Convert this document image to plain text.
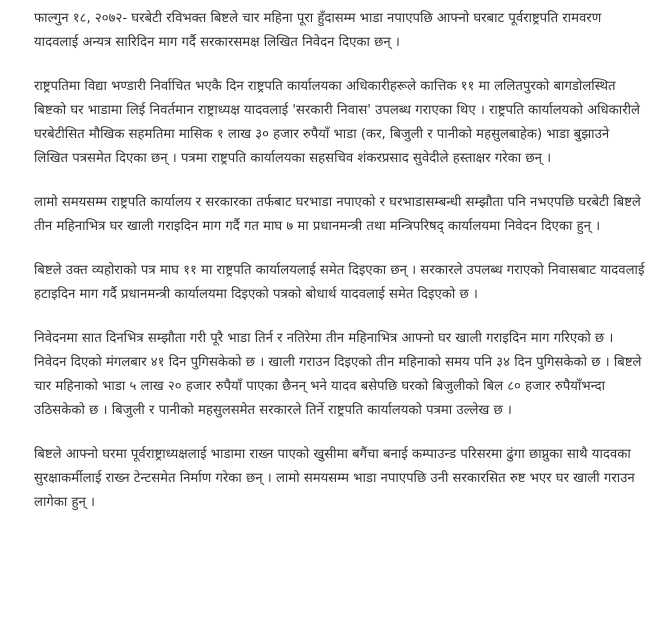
फाल्गुन १८, २०७२- घरबेटी रविभक्त बिष्टले चार महिना पूरा हुँदासम्म भाडा नपाएपछि आफ्नो घरबाट पूर्वराष्ट्रपति रामवरण यादवलाई अन्यत्र सारिदिन माग गर्दै सरकारसमक्ष लिखित निवेदन दिएका छन् ।

राष्ट्रपतिमा विद्या भण्डारी निर्वाचित भएकै दिन राष्ट्रपति कार्यालयका अधिकारीहरूले कात्तिक ११ मा ललितपुरको बागडोलस्थित बिष्टको घर भाडामा लिई निवर्तमान राष्ट्राध्यक्ष यादवलाई 'सरकारी निवास' उपलब्ध गराएका थिए । राष्ट्रपति कार्यालयको अधिकारीले घरबेटीसित मौखिक सहमतिमा मासिक १ लाख ३० हजार रुपैयाँ भाडा (कर, बिजुली र पानीको महसुलबाहेक) भाडा बुझाउने लिखित पत्रसमेत दिएका छन् । पत्रमा राष्ट्रपति कार्यालयका सहसचिव शंकरप्रसाद सुवेदीले हस्ताक्षर गरेका छन् ।

लामो समयसम्म राष्ट्रपति कार्यालय र सरकारका तर्फबाट घरभाडा नपाएको र घरभाडासम्बन्धी सम्झौता पनि नभएपछि घरबेटी बिष्टले तीन महिनाभित्र घर खाली गराइदिन माग गर्दै गत माघ ७ मा प्रधानमन्त्री तथा मन्त्रिपरिषद् कार्यालयमा निवेदन दिएका हुन् ।

बिष्टले उक्त व्यहोराको पत्र माघ ११ मा राष्ट्रपति कार्यालयलाई समेत दिइएका छन् । सरकारले उपलब्ध गराएको निवासबाट यादवलाई हटाइदिन माग गर्दै प्रधानमन्त्री कार्यालयमा दिइएको पत्रको बोधार्थ यादवलाई समेत दिइएको छ ।

निवेदनमा सात दिनभित्र सम्झौता गरी पूरै भाडा तिर्न र नतिरेमा तीन महिनाभित्र आफ्नो घर खाली गराइदिन माग गरिएको छ । निवेदन दिएको मंगलबार ४१ दिन पुगिसकेको छ । खाली गराउन दिइएको तीन महिनाको समय पनि ३४ दिन पुगिसकेको छ । बिष्टले चार महिनाको भाडा ५ लाख २० हजार रुपैयाँ पाएका छैनन् भने यादव बसेपछि घरको बिजुलीको बिल ८० हजार रुपैयाँभन्दा उठिसकेको छ । बिजुली र पानीको महसुलसमेत सरकारले तिर्ने राष्ट्रपति कार्यालयको पत्रमा उल्लेख छ ।

बिष्टले आफ्नो घरमा पूर्वराष्ट्राध्यक्षलाई भाडामा राख्न पाएको खुसीमा बगैंचा बनाई कम्पाउन्ड परिसरमा ढुंगा छाप्नुका साथै यादवका सुरक्षाकर्मीलाई राख्न टेन्टसमेत निर्माण गरेका छन् । लामो समयसम्म भाडा नपाएपछि उनी सरकारसित रुष्ट भएर घर खाली गराउन लागेका हुन् ।
